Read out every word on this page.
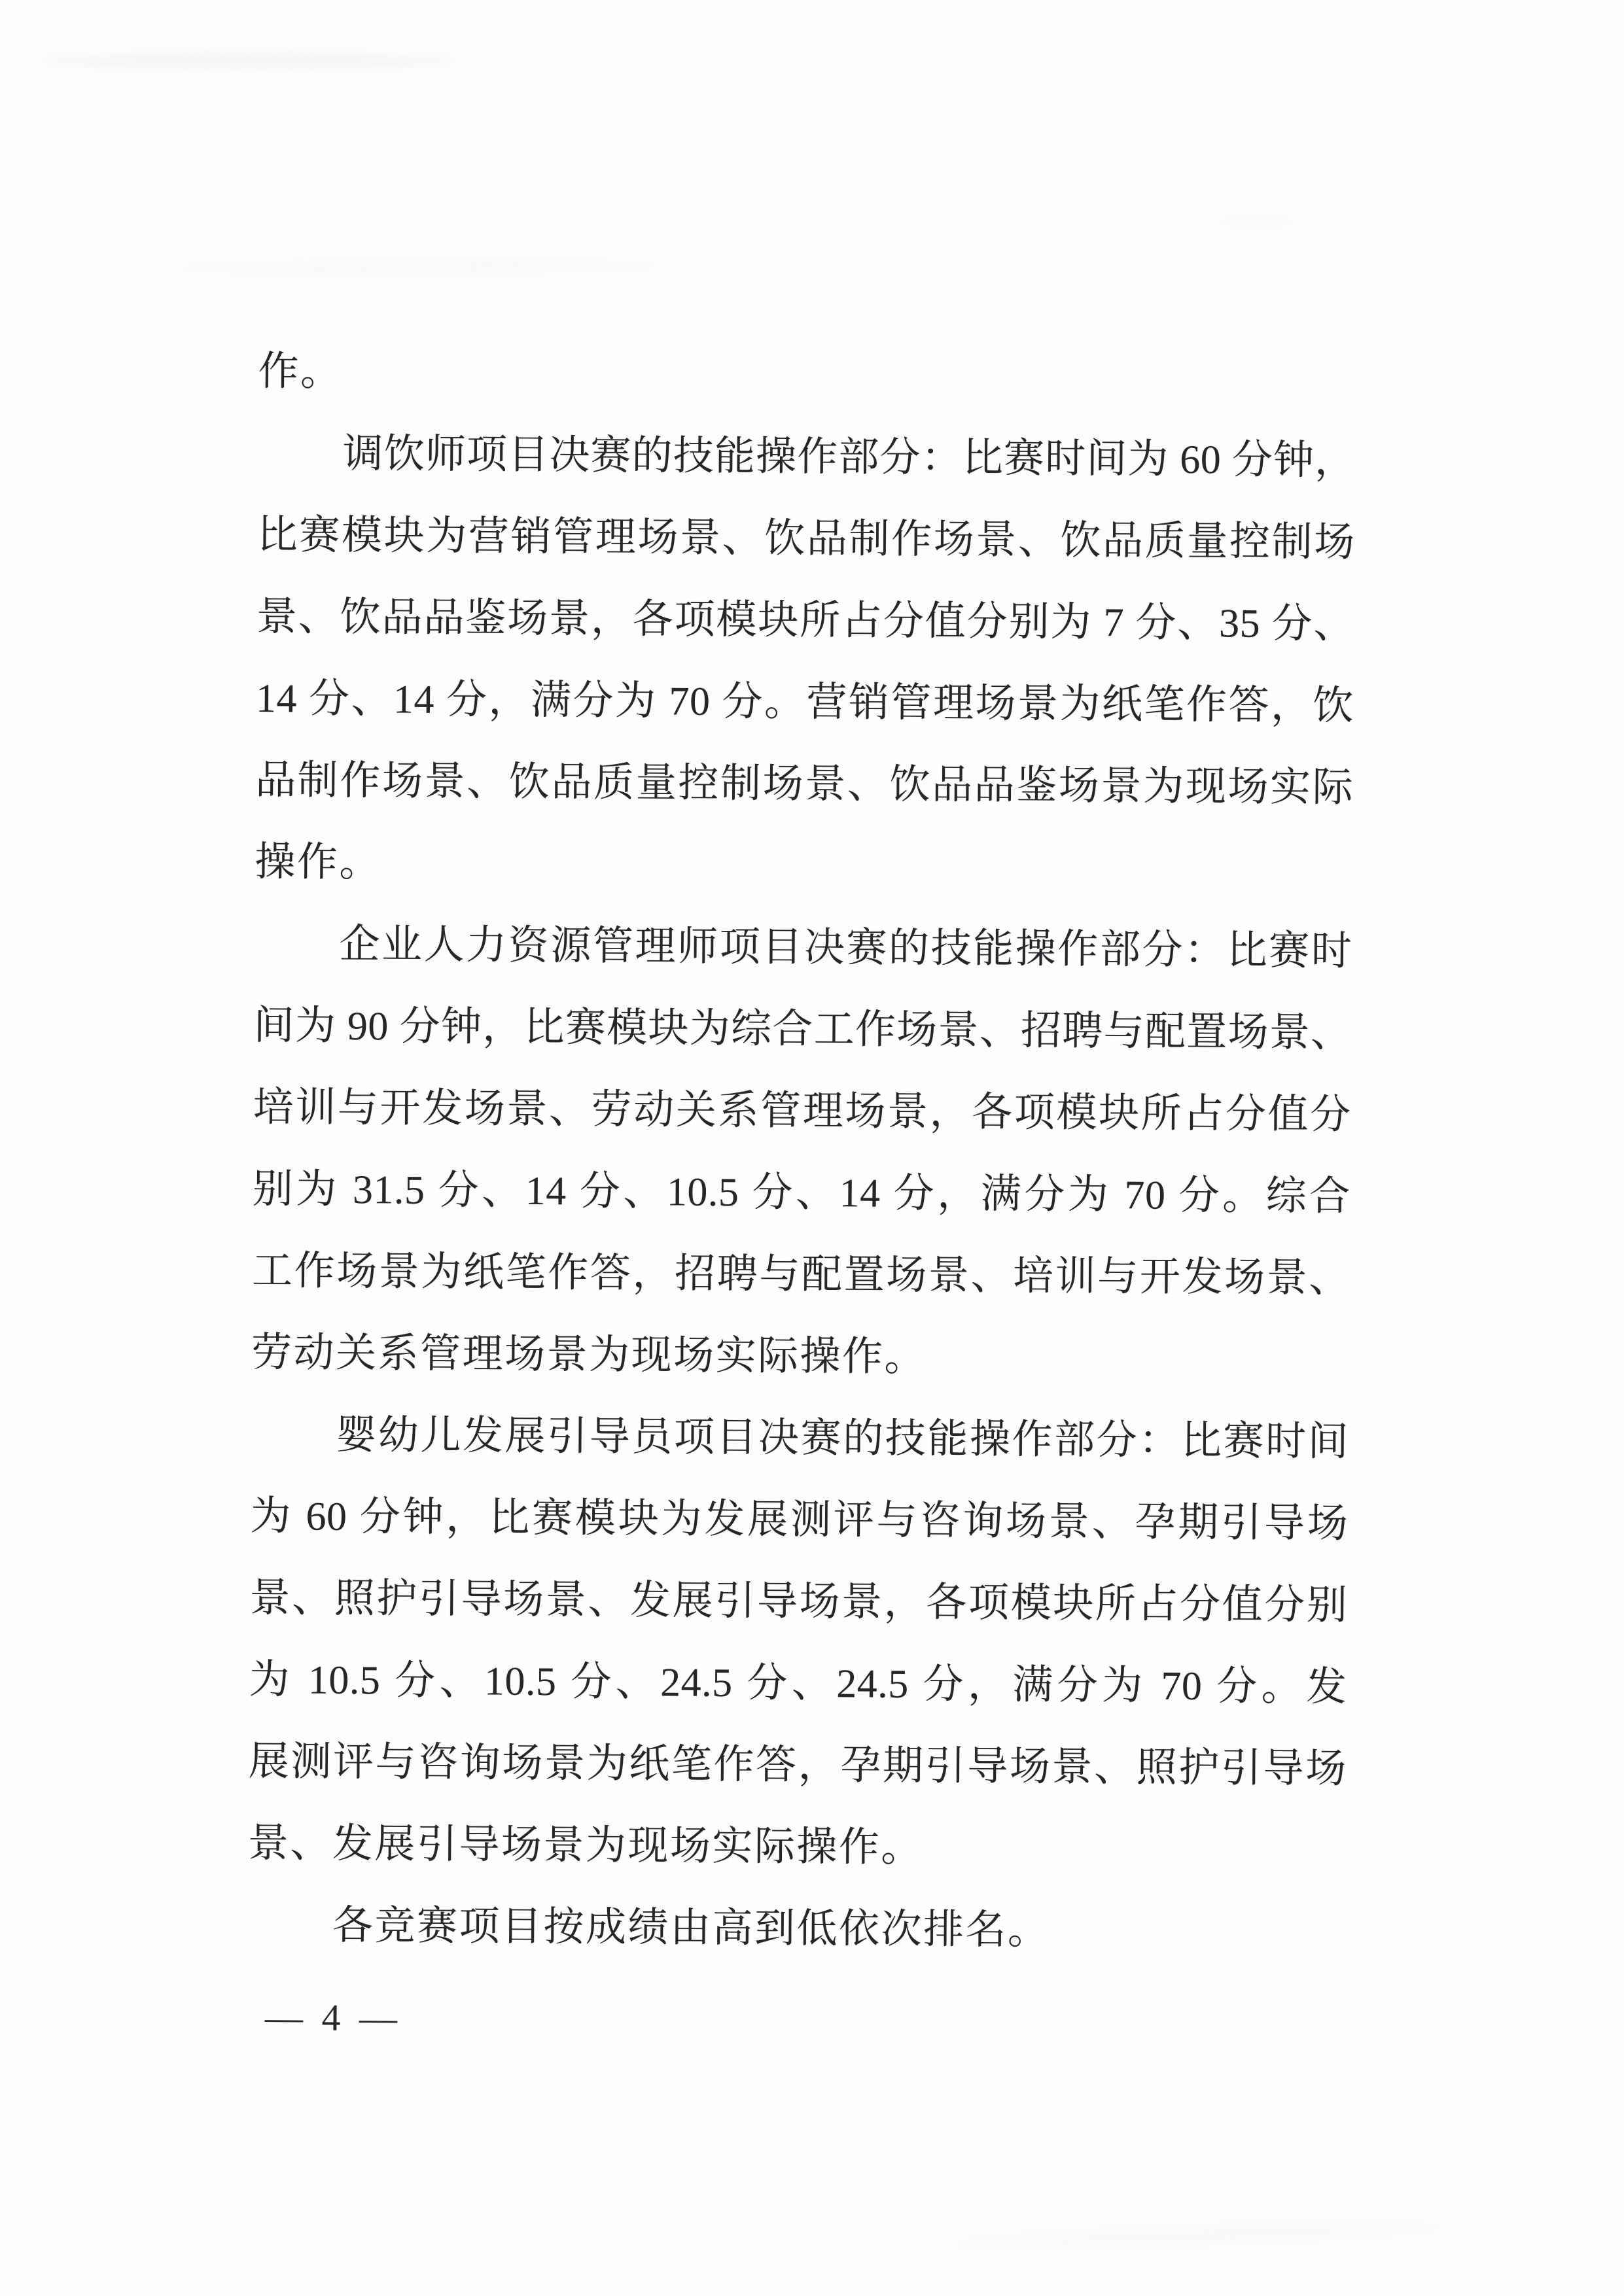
作。
调饮师项目决赛的技能操作部分：比赛时间为 60 分钟，
比赛模块为营销管理场景、饮品制作场景、饮品质量控制场
景、饮品品鉴场景，各项模块所占分值分别为 7 分、35 分、
14 分、14 分，满分为 70 分。营销管理场景为纸笔作答，饮
品制作场景、饮品质量控制场景、饮品品鉴场景为现场实际
操作。
企业人力资源管理师项目决赛的技能操作部分：比赛时
间为 90 分钟，比赛模块为综合工作场景、招聘与配置场景、
培训与开发场景、劳动关系管理场景，各项模块所占分值分
别为 31.5 分、14 分、10.5 分、14 分，满分为 70 分。综合
工作场景为纸笔作答，招聘与配置场景、培训与开发场景、
劳动关系管理场景为现场实际操作。
婴幼儿发展引导员项目决赛的技能操作部分：比赛时间
为 60 分钟，比赛模块为发展测评与咨询场景、孕期引导场
景、照护引导场景、发展引导场景，各项模块所占分值分别
为 10.5 分、10.5 分、24.5 分、24.5 分，满分为 70 分。发
展测评与咨询场景为纸笔作答，孕期引导场景、照护引导场
景、发展引导场景为现场实际操作。
各竞赛项目按成绩由高到低依次排名。
— 4 —
